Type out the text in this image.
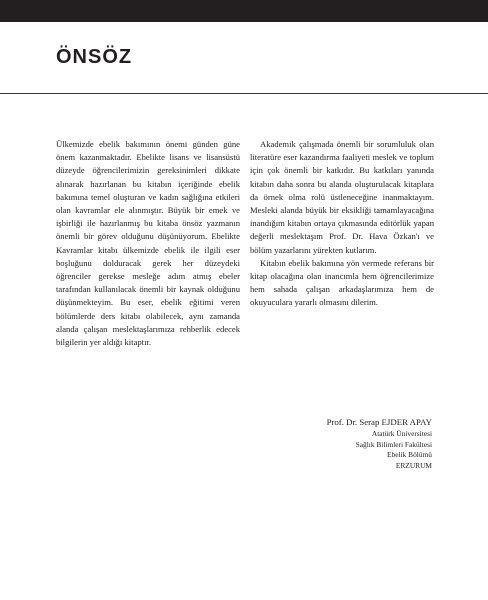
ÖNSÖZ

Ülkemizde ebelik bakımının önemi günden güne önem kazanmaktadır. Ebelikte lisans ve lisansüstü düzeyde öğrencilerimizin gereksinimleri dikkate alınarak hazırlanan bu kitabın içeriğinde ebelik bakımına temel oluşturan ve kadın sağlığına etkileri olan kavramlar ele alınmıştır. Büyük bir emek ve işbirliği ile hazırlanmış bu kitaba önsöz yazmanın önemli bir görev olduğunu düşünüyorum. Ebelikte Kavramlar kitabı ülkemizde ebelik ile ilgili eser boşluğunu dolduracak gerek her düzeydeki öğrenciler gerekse mesleğe adım atmış ebeler tarafından kullanılacak önemli bir kaynak olduğunu düşünmekteyim. Bu eser, ebelik eğitimi veren bölümlerde ders kitabı olabilecek, aynı zamanda alanda çalışan meslektaşlarımıza rehberlik edecek bilgilerin yer aldığı kitaptır.

Akademik çalışmada önemli bir sorumluluk olan literatüre eser kazandırma faaliyeti meslek ve toplum için çok önemli bir katkıdır. Bu katkıları yanında kitabın daha sonra bu alanda oluşturulacak kitaplara da örnek olma rolü üstleneceğine inanmaktayım. Mesleki alanda büyük bir eksikliği tamamlayacağına inandığım kitabın ortaya çıkmasında editörlük yapan değerli meslektaşım Prof. Dr. Hava Özkan'ı ve bölüm yazarlarını yürekten kutlarım.

Kitabın ebelik bakımına yön vermede referans bir kitap olacağına olan inancımla hem öğrencilerimize hem sahada çalışan arkadaşlarımıza hem de okuyuculara yararlı olmasını dilerim.

Prof. Dr. Serap EJDER APAY
Atatürk Üniversitesi
Sağlık Bilimleri Fakültesi
Ebelik Bölümü
ERZURUM
